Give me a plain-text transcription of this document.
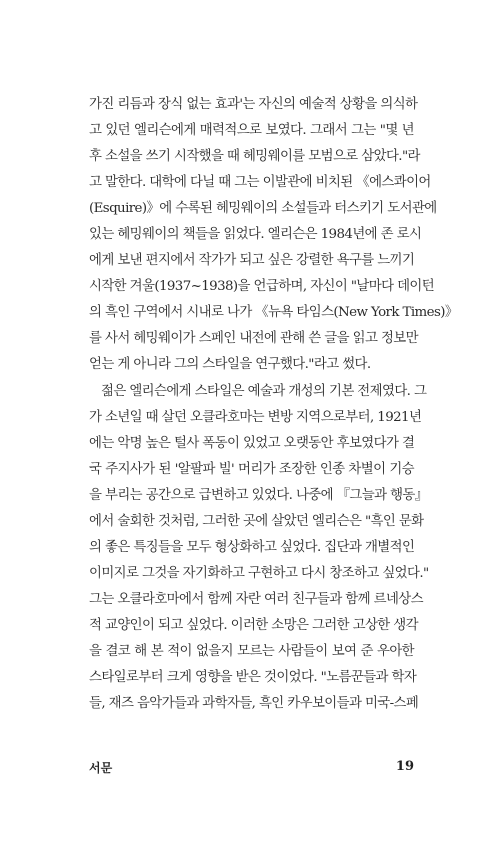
가진 리듬과 장식 없는 효과'는 자신의 예술적 상황을 의식하
고 있던 엘리슨에게 매력적으로 보였다. 그래서 그는 "몇 년
후 소설을 쓰기 시작했을 때 헤밍웨이를 모범으로 삼았다."라
고 말한다. 대학에 다닐 때 그는 이발관에 비치된 《에스콰이어
(Esquire)》에 수록된 헤밍웨이의 소설들과 터스키기 도서관에
있는 헤밍웨이의 책들을 읽었다. 엘리슨은 1984년에 존 로시
에게 보낸 편지에서 작가가 되고 싶은 강렬한 욕구를 느끼기
시작한 겨울(1937~1938)을 언급하며, 자신이 "날마다 데이턴
의 흑인 구역에서 시내로 나가 《뉴욕 타임스(New York Times)》
를 사서 헤밍웨이가 스페인 내전에 관해 쓴 글을 읽고 정보만
얻는 게 아니라 그의 스타일을 연구했다."라고 썼다.
젊은 엘리슨에게 스타일은 예술과 개성의 기본 전제였다. 그
가 소년일 때 살던 오클라호마는 변방 지역으로부터, 1921년
에는 악명 높은 털사 폭동이 있었고 오랫동안 후보였다가 결
국 주지사가 된 '알팔파 빌' 머리가 조장한 인종 차별이 기승
을 부리는 공간으로 급변하고 있었다. 나중에 『그늘과 행동』
에서 술회한 것처럼, 그러한 곳에 살았던 엘리슨은 "흑인 문화
의 좋은 특징들을 모두 형상화하고 싶었다. 집단과 개별적인
이미지로 그것을 자기화하고 구현하고 다시 창조하고 싶었다."
그는 오클라호마에서 함께 자란 여러 친구들과 함께 르네상스
적 교양인이 되고 싶었다. 이러한 소망은 그러한 고상한 생각
을 결코 해 본 적이 없을지 모르는 사람들이 보여 준 우아한
스타일로부터 크게 영향을 받은 것이었다. "노름꾼들과 학자
들, 재즈 음악가들과 과학자들, 흑인 카우보이들과 미국-스페
서문	19
